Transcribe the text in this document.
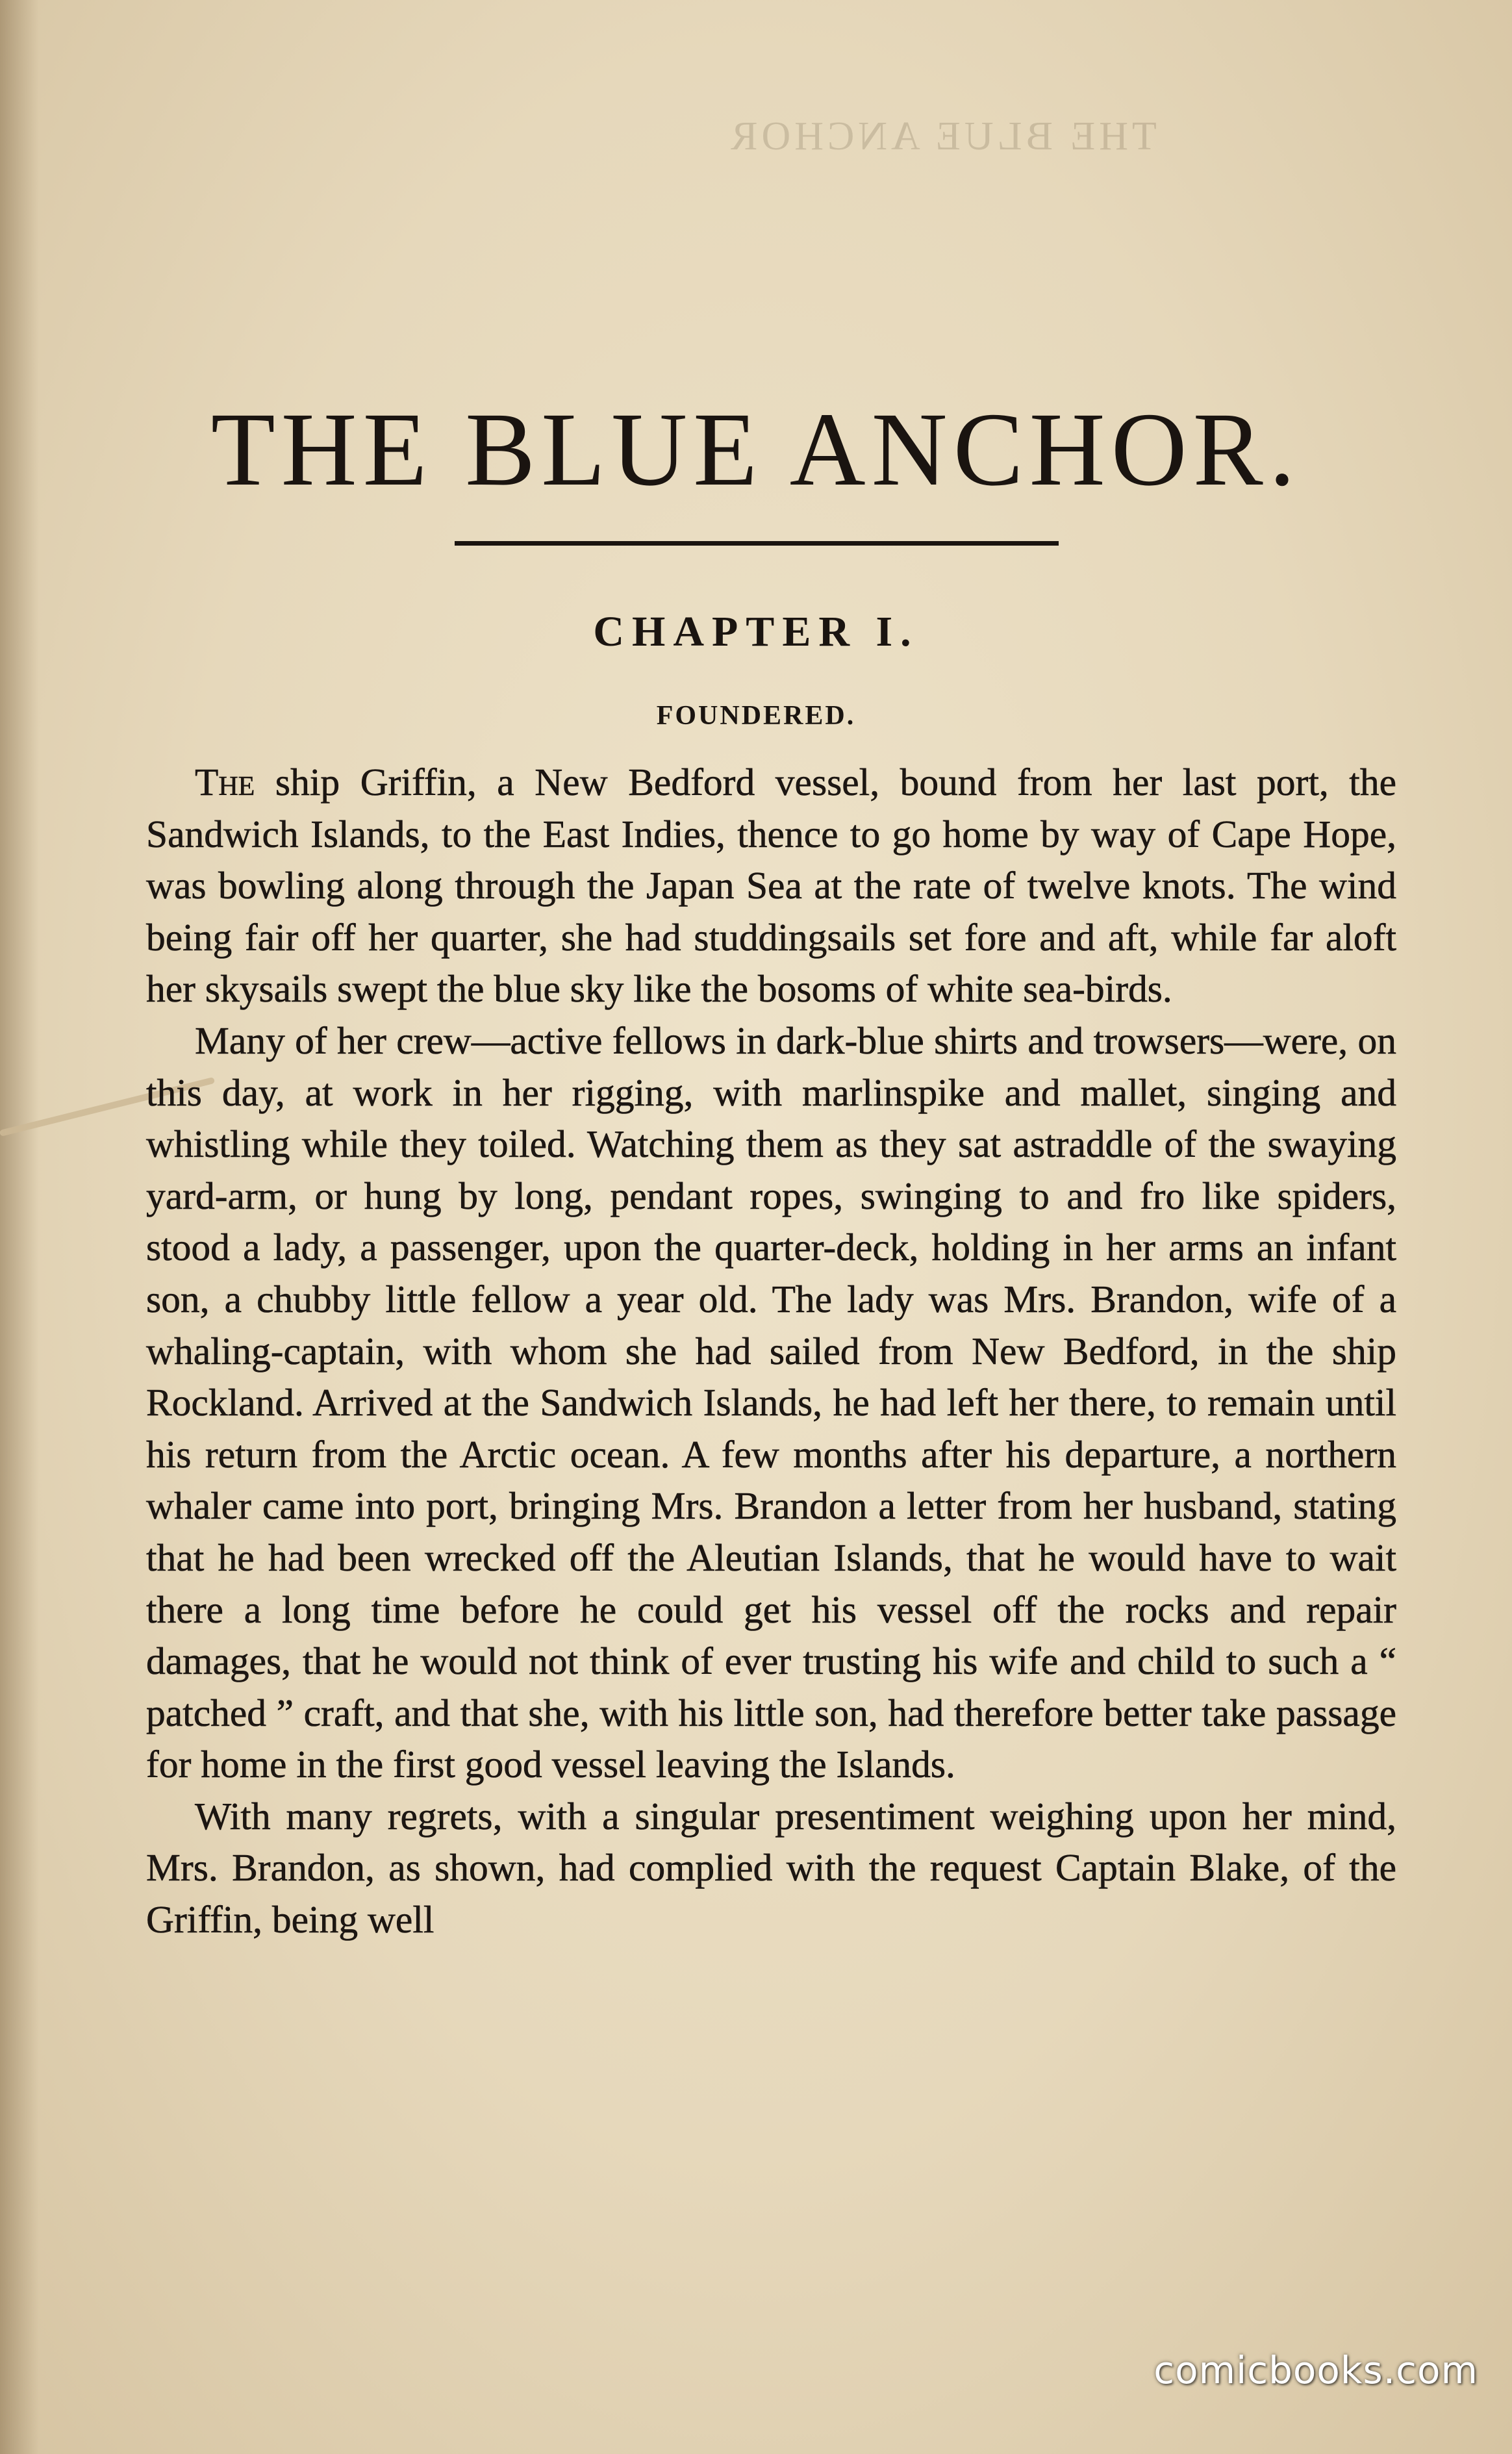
THE BLUE ANCHOR
THE BLUE ANCHOR.
CHAPTER I.
FOUNDERED.

The ship Griffin, a New Bedford vessel, bound from her last port, the Sandwich Islands, to the East Indies, thence to go home by way of Cape Hope, was bowling along through the Japan Sea at the rate of twelve knots. The wind being fair off her quarter, she had studdingsails set fore and aft, while far aloft her skysails swept the blue sky like the bosoms of white sea-birds.

Many of her crew—active fellows in dark-blue shirts and trowsers—were, on this day, at work in her rigging, with marlinspike and mallet, singing and whistling while they toiled. Watching them as they sat astraddle of the swaying yard-arm, or hung by long, pendant ropes, swinging to and fro like spiders, stood a lady, a passenger, upon the quarter-deck, holding in her arms an infant son, a chubby little fellow a year old. The lady was Mrs. Brandon, wife of a whaling-captain, with whom she had sailed from New Bedford, in the ship Rockland. Arrived at the Sandwich Islands, he had left her there, to remain until his return from the Arctic ocean. A few months after his departure, a northern whaler came into port, bringing Mrs. Brandon a letter from her husband, stating that he had been wrecked off the Aleutian Islands, that he would have to wait there a long time before he could get his vessel off the rocks and repair damages, that he would not think of ever trusting his wife and child to such a “ patched ” craft, and that she, with his little son, had therefore better take passage for home in the first good vessel leaving the Islands.

With many regrets, with a singular presentiment weighing upon her mind, Mrs. Brandon, as shown, had complied with the request Captain Blake, of the Griffin, being well

comicbooks.com
